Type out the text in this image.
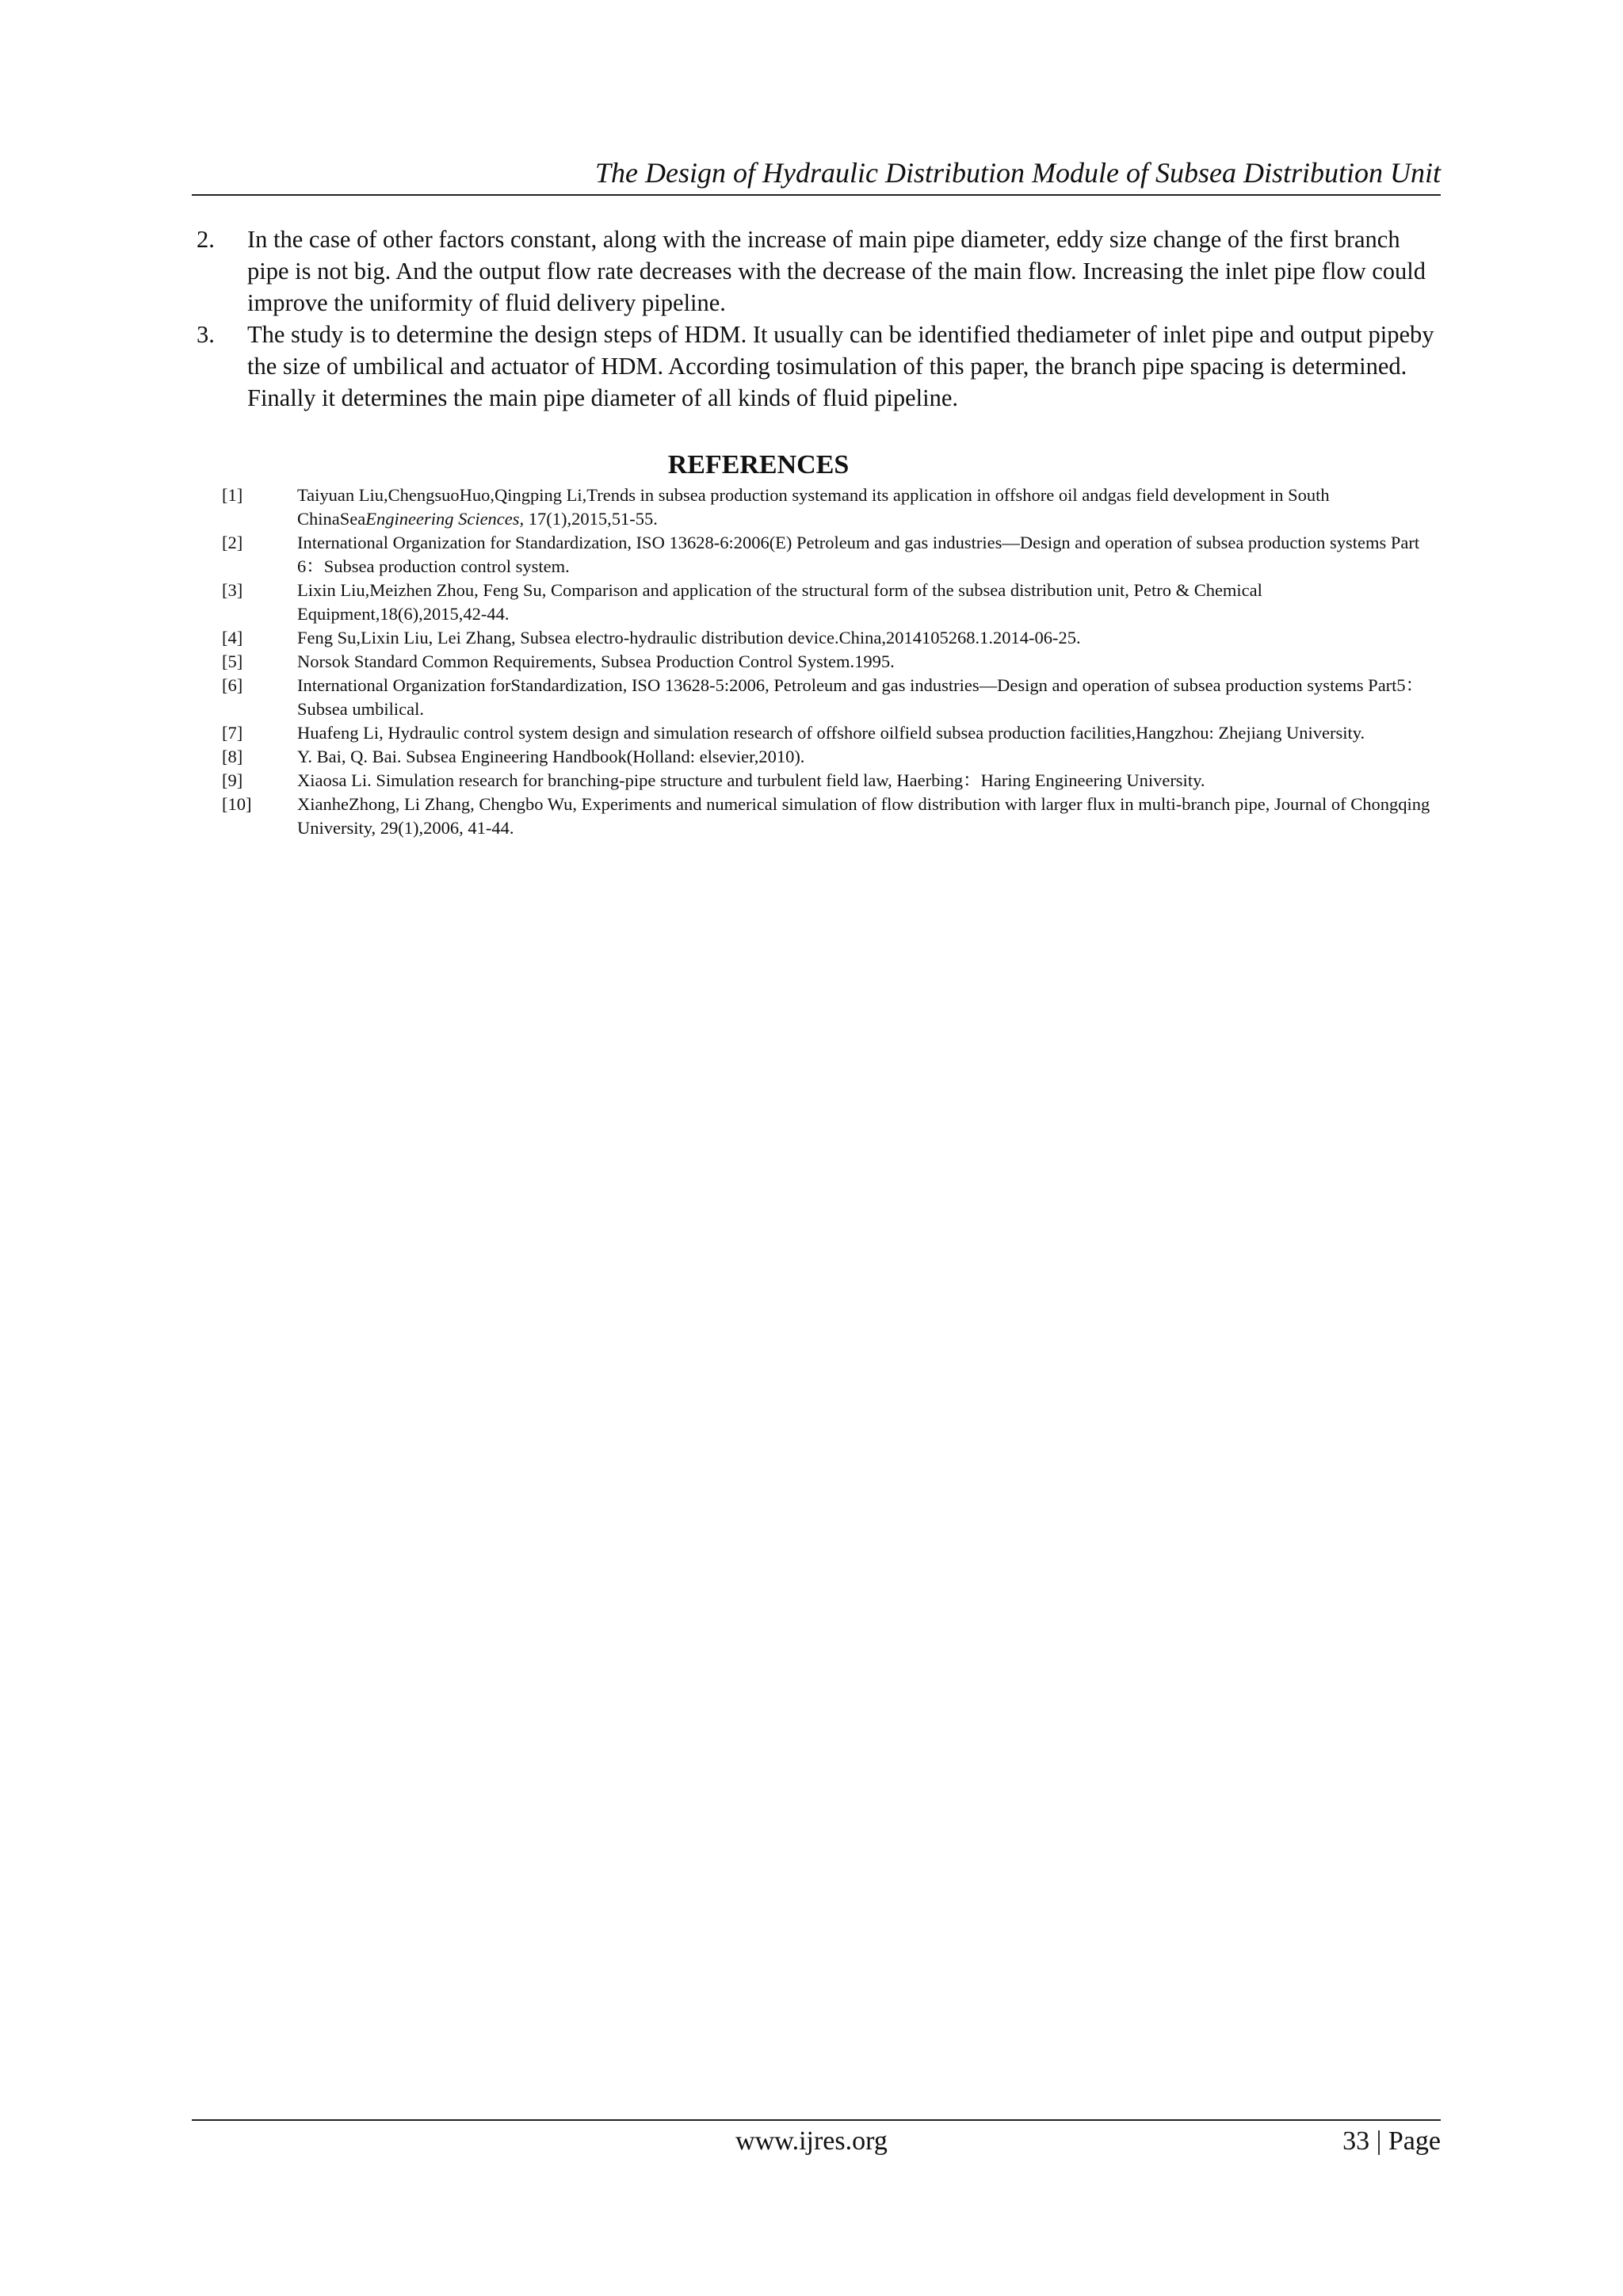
The Design of Hydraulic Distribution Module of Subsea Distribution Unit
2. In the case of other factors constant, along with the increase of main pipe diameter, eddy size change of the first branch pipe is not big. And the output flow rate decreases with the decrease of the main flow. Increasing the inlet pipe flow could improve the uniformity of fluid delivery pipeline.
3. The study is to determine the design steps of HDM. It usually can be identified thediameter of inlet pipe and output pipeby the size of umbilical and actuator of HDM. According tosimulation of this paper, the branch pipe spacing is determined. Finally it determines the main pipe diameter of all kinds of fluid pipeline.
REFERENCES
[1]	Taiyuan Liu,ChengsuoHuo,Qingping Li,Trends in subsea production systemand its application in offshore oil andgas field development in South ChinaSeaEngineering Sciences, 17(1),2015,51-55.
[2]	International Organization for Standardization, ISO 13628-6:2006(E) Petroleum and gas industries—Design and operation of subsea production systems Part 6：Subsea production control system.
[3]	Lixin Liu,Meizhen Zhou, Feng Su, Comparison and application of the structural form of the subsea distribution unit, Petro & Chemical Equipment,18(6),2015,42-44.
[4]	Feng Su,Lixin Liu, Lei Zhang, Subsea electro-hydraulic distribution device.China,2014105268.1.2014-06-25.
[5]	Norsok Standard Common Requirements, Subsea Production Control System.1995.
[6]	International Organization forStandardization, ISO 13628-5:2006, Petroleum and gas industries—Design and operation of subsea production systems Part5：Subsea umbilical.
[7]	Huafeng Li, Hydraulic control system design and simulation research of offshore oilfield subsea production facilities,Hangzhou: Zhejiang University.
[8]	Y. Bai, Q. Bai. Subsea Engineering Handbook(Holland: elsevier,2010).
[9]	Xiaosa Li. Simulation research for branching-pipe structure and turbulent field law, Haerbing：Haring Engineering University.
[10]	XianheZhong, Li Zhang, Chengbo Wu, Experiments and numerical simulation of flow distribution with larger flux in multi-branch pipe, Journal of Chongqing University, 29(1),2006, 41-44.
www.ijres.org	33 | Page
